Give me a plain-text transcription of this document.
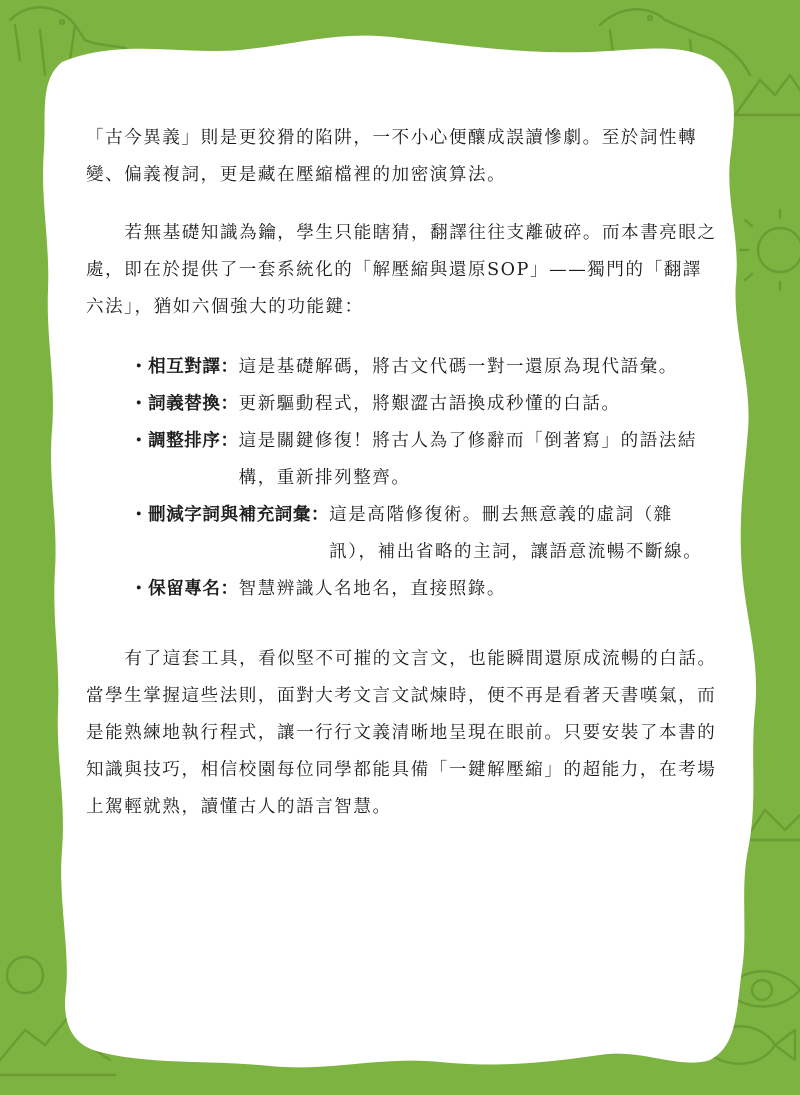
「古今異義」則是更狡猾的陷阱，一不小心便釀成誤讀慘劇。至於詞性轉變、偏義複詞，更是藏在壓縮檔裡的加密演算法。

若無基礎知識為鑰，學生只能瞎猜，翻譯往往支離破碎。而本書亮眼之處，即在於提供了一套系統化的「解壓縮與還原SOP」——獨門的「翻譯六法」，猶如六個強大的功能鍵：

・相互對譯： 這是基礎解碼，將古文代碼一對一還原為現代語彙。
・詞義替換： 更新驅動程式，將艱澀古語換成秒懂的白話。
・調整排序： 這是關鍵修復！將古人為了修辭而「倒著寫」的語法結構，重新排列整齊。
・刪減字詞與補充詞彙： 這是高階修復術。刪去無意義的虛詞（雜訊），補出省略的主詞，讓語意流暢不斷線。
・保留專名： 智慧辨識人名地名，直接照錄。

有了這套工具，看似堅不可摧的文言文，也能瞬間還原成流暢的白話。當學生掌握這些法則，面對大考文言文試煉時，便不再是看著天書嘆氣，而是能熟練地執行程式，讓一行行文義清晰地呈現在眼前。只要安裝了本書的知識與技巧，相信校園每位同學都能具備「一鍵解壓縮」的超能力，在考場上駕輕就熟，讀懂古人的語言智慧。
